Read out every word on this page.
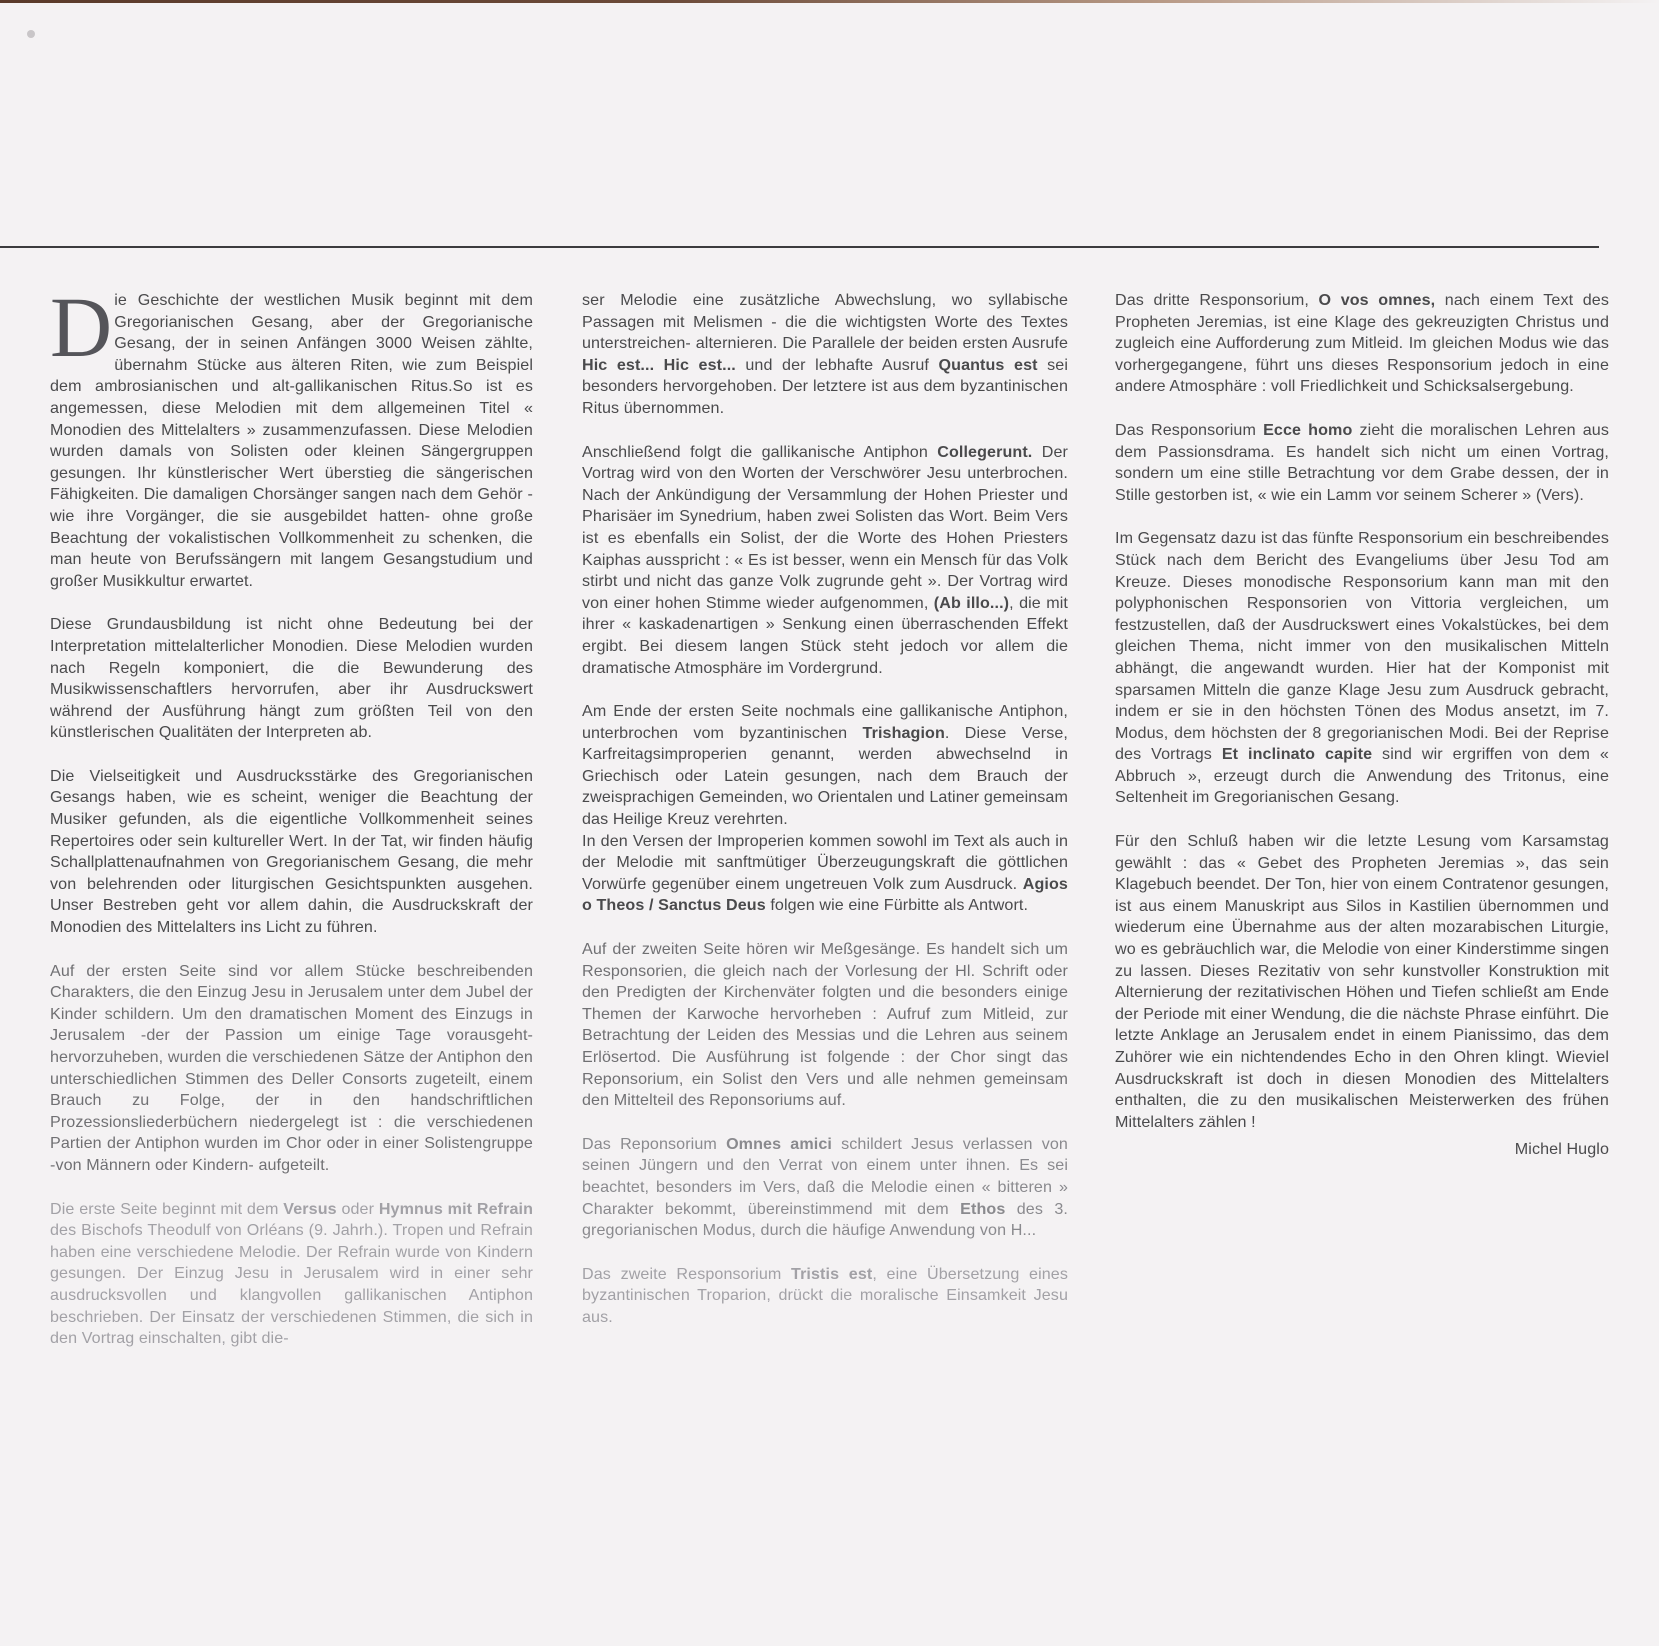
Die Geschichte der westlichen Musik beginnt mit dem Gregorianischen Gesang, aber der Gregorianische Gesang, der in seinen Anfängen 3000 Weisen zählte, übernahm Stücke aus älteren Riten, wie zum Beispiel dem ambrosianischen und alt-gallikanischen Ritus.So ist es angemessen, diese Melodien mit dem allgemeinen Titel « Monodien des Mittelalters » zusammenzufassen. Diese Melodien wurden damals von Solisten oder kleinen Sängergruppen gesungen. Ihr künstlerischer Wert überstieg die sängerischen Fähigkeiten. Die damaligen Chorsänger sangen nach dem Gehör -wie ihre Vorgänger, die sie ausgebildet hatten- ohne große Beachtung der vokalistischen Vollkommenheit zu schenken, die man heute von Berufssängern mit langem Gesangstudium und großer Musikkultur erwartet.

Diese Grundausbildung ist nicht ohne Bedeutung bei der Interpretation mittelalterlicher Monodien. Diese Melodien wurden nach Regeln komponiert, die die Bewunderung des Musikwissenschaftlers hervorrufen, aber ihr Ausdruckswert während der Ausführung hängt zum größten Teil von den künstlerischen Qualitäten der Interpreten ab.

Die Vielseitigkeit und Ausdrucksstärke des Gregorianischen Gesangs haben, wie es scheint, weniger die Beachtung der Musiker gefunden, als die eigentliche Vollkommenheit seines Repertoires oder sein kultureller Wert. In der Tat, wir finden häufig Schallplattenaufnahmen von Gregorianischem Gesang, die mehr von belehrenden oder liturgischen Gesichtspunkten ausgehen. Unser Bestreben geht vor allem dahin, die Ausdruckskraft der Monodien des Mittelalters ins Licht zu führen.

Auf der ersten Seite sind vor allem Stücke beschreibenden Charakters, die den Einzug Jesu in Jerusalem unter dem Jubel der Kinder schildern. Um den dramatischen Moment des Einzugs in Jerusalem -der der Passion um einige Tage vorausgeht- hervorzuheben, wurden die verschiedenen Sätze der Antiphon den unterschiedlichen Stimmen des Deller Consorts zugeteilt, einem Brauch zu Folge, der in den handschriftlichen Prozessionsliederbüchern niedergelegt ist : die verschiedenen Partien der Antiphon wurden im Chor oder in einer Solistengruppe -von Männern oder Kindern- aufgeteilt.

Die erste Seite beginnt mit dem Versus oder Hymnus mit Refrain des Bischofs Theodulf von Orléans (9. Jahrh.). Tropen und Refrain haben eine verschiedene Melodie. Der Refrain wurde von Kindern gesungen. Der Einzug Jesu in Jerusalem wird in einer sehr ausdrucksvollen und klangvollen gallikanischen Antiphon beschrieben. Der Einsatz der verschiedenen Stimmen, die sich in den Vortrag einschalten, gibt die-

ser Melodie eine zusätzliche Abwechslung, wo syllabische Passagen mit Melismen - die die wichtigsten Worte des Textes unterstreichen- alternieren. Die Parallele der beiden ersten Ausrufe Hic est... Hic est... und der lebhafte Ausruf Quantus est sei besonders hervorgehoben. Der letztere ist aus dem byzantinischen Ritus übernommen.

Anschließend folgt die gallikanische Antiphon Collegerunt. Der Vortrag wird von den Worten der Verschwörer Jesu unterbrochen. Nach der Ankündigung der Versammlung der Hohen Priester und Pharisäer im Synedrium, haben zwei Solisten das Wort. Beim Vers ist es ebenfalls ein Solist, der die Worte des Hohen Priesters Kaiphas ausspricht : « Es ist besser, wenn ein Mensch für das Volk stirbt und nicht das ganze Volk zugrunde geht ». Der Vortrag wird von einer hohen Stimme wieder aufgenommen, (Ab illo...), die mit ihrer « kaskadenartigen » Senkung einen überraschenden Effekt ergibt. Bei diesem langen Stück steht jedoch vor allem die dramatische Atmosphäre im Vordergrund.

Am Ende der ersten Seite nochmals eine gallikanische Antiphon, unterbrochen vom byzantinischen Trishagion. Diese Verse, Karfreitagsimproperien genannt, werden abwechselnd in Griechisch oder Latein gesungen, nach dem Brauch der zweisprachigen Gemeinden, wo Orientalen und Latiner gemeinsam das Heilige Kreuz verehrten.
In den Versen der Improperien kommen sowohl im Text als auch in der Melodie mit sanftmütiger Überzeugungskraft die göttlichen Vorwürfe gegenüber einem ungetreuen Volk zum Ausdruck. Agios o Theos / Sanctus Deus folgen wie eine Fürbitte als Antwort.

Auf der zweiten Seite hören wir Meßgesänge. Es handelt sich um Responsorien, die gleich nach der Vorlesung der Hl. Schrift oder den Predigten der Kirchenväter folgten und die besonders einige Themen der Karwoche hervorheben : Aufruf zum Mitleid, zur Betrachtung der Leiden des Messias und die Lehren aus seinem Erlösertod. Die Ausführung ist folgende : der Chor singt das Reponsorium, ein Solist den Vers und alle nehmen gemeinsam den Mittelteil des Reponsoriums auf.

Das Reponsorium Omnes amici schildert Jesus verlassen von seinen Jüngern und den Verrat von einem unter ihnen. Es sei beachtet, besonders im Vers, daß die Melodie einen « bitteren » Charakter bekommt, übereinstimmend mit dem Ethos des 3. gregorianischen Modus, durch die häufige Anwendung von H...

Das zweite Responsorium Tristis est, eine Übersetzung eines byzantinischen Troparion, drückt die moralische Einsamkeit Jesu aus.

Das dritte Responsorium, O vos omnes, nach einem Text des Propheten Jeremias, ist eine Klage des gekreuzigten Christus und zugleich eine Aufforderung zum Mitleid. Im gleichen Modus wie das vorhergegangene, führt uns dieses Responsorium jedoch in eine andere Atmosphäre : voll Friedlichkeit und Schicksalsergebung.

Das Responsorium Ecce homo zieht die moralischen Lehren aus dem Passionsdrama. Es handelt sich nicht um einen Vortrag, sondern um eine stille Betrachtung vor dem Grabe dessen, der in Stille gestorben ist, « wie ein Lamm vor seinem Scherer » (Vers).

Im Gegensatz dazu ist das fünfte Responsorium ein beschreibendes Stück nach dem Bericht des Evangeliums über Jesu Tod am Kreuze. Dieses monodische Responsorium kann man mit den polyphonischen Responsorien von Vittoria vergleichen, um festzustellen, daß der Ausdruckswert eines Vokalstückes, bei dem gleichen Thema, nicht immer von den musikalischen Mitteln abhängt, die angewandt wurden. Hier hat der Komponist mit sparsamen Mitteln die ganze Klage Jesu zum Ausdruck gebracht, indem er sie in den höchsten Tönen des Modus ansetzt, im 7. Modus, dem höchsten der 8 gregorianischen Modi. Bei der Reprise des Vortrags Et inclinato capite sind wir ergriffen von dem « Abbruch », erzeugt durch die Anwendung des Tritonus, eine Seltenheit im Gregorianischen Gesang.

Für den Schluß haben wir die letzte Lesung vom Karsamstag gewählt : das « Gebet des Propheten Jeremias », das sein Klagebuch beendet. Der Ton, hier von einem Contratenor gesungen, ist aus einem Manuskript aus Silos in Kastilien übernommen und wiederum eine Übernahme aus der alten mozarabischen Liturgie, wo es gebräuchlich war, die Melodie von einer Kinderstimme singen zu lassen. Dieses Rezitativ von sehr kunstvoller Konstruktion mit Alternierung der rezitativischen Höhen und Tiefen schließt am Ende der Periode mit einer Wendung, die die nächste Phrase einführt. Die letzte Anklage an Jerusalem endet in einem Pianissimo, das dem Zuhörer wie ein nichtendendes Echo in den Ohren klingt. Wieviel Ausdruckskraft ist doch in diesen Monodien des Mittelalters enthalten, die zu den musikalischen Meisterwerken des frühen Mittelalters zählen !

Michel Huglo
